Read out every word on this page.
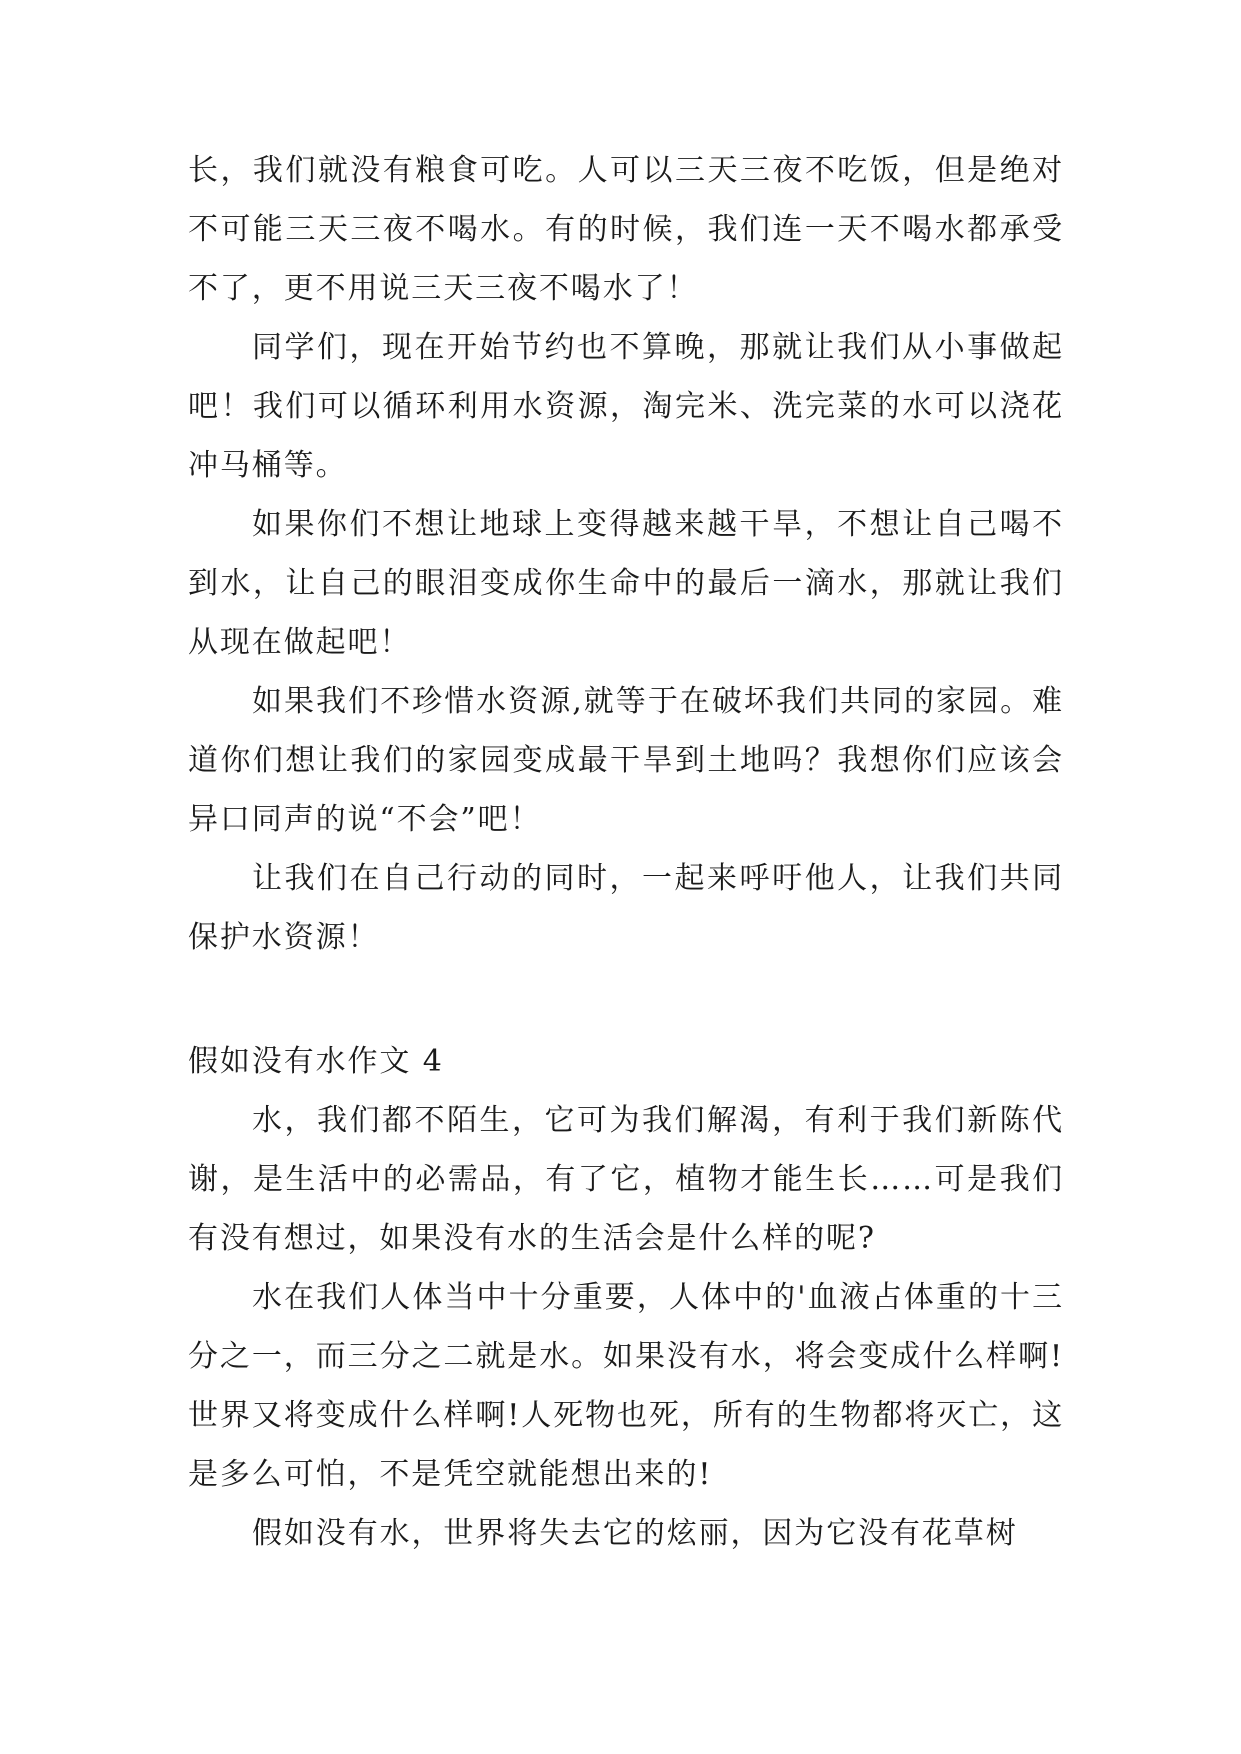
长，我们就没有粮食可吃。人可以三天三夜不吃饭，但是绝对不可能三天三夜不喝水。有的时候，我们连一天不喝水都承受不了，更不用说三天三夜不喝水了！

同学们，现在开始节约也不算晚，那就让我们从小事做起吧！我们可以循环利用水资源，淘完米、洗完菜的水可以浇花冲马桶等。

如果你们不想让地球上变得越来越干旱，不想让自己喝不到水，让自己的眼泪变成你生命中的最后一滴水，那就让我们从现在做起吧！

如果我们不珍惜水资源,就等于在破坏我们共同的家园。难道你们想让我们的家园变成最干旱到土地吗？我想你们应该会异口同声的说“不会”吧！

让我们在自己行动的同时，一起来呼吁他人，让我们共同保护水资源！

假如没有水作文 4

水，我们都不陌生，它可为我们解渴，有利于我们新陈代谢，是生活中的必需品，有了它，植物才能生长……可是我们有没有想过，如果没有水的生活会是什么样的呢?

水在我们人体当中十分重要，人体中的'血液占体重的十三分之一，而三分之二就是水。如果没有水，将会变成什么样啊!世界又将变成什么样啊!人死物也死，所有的生物都将灭亡，这是多么可怕，不是凭空就能想出来的!

假如没有水，世界将失去它的炫丽，因为它没有花草树
